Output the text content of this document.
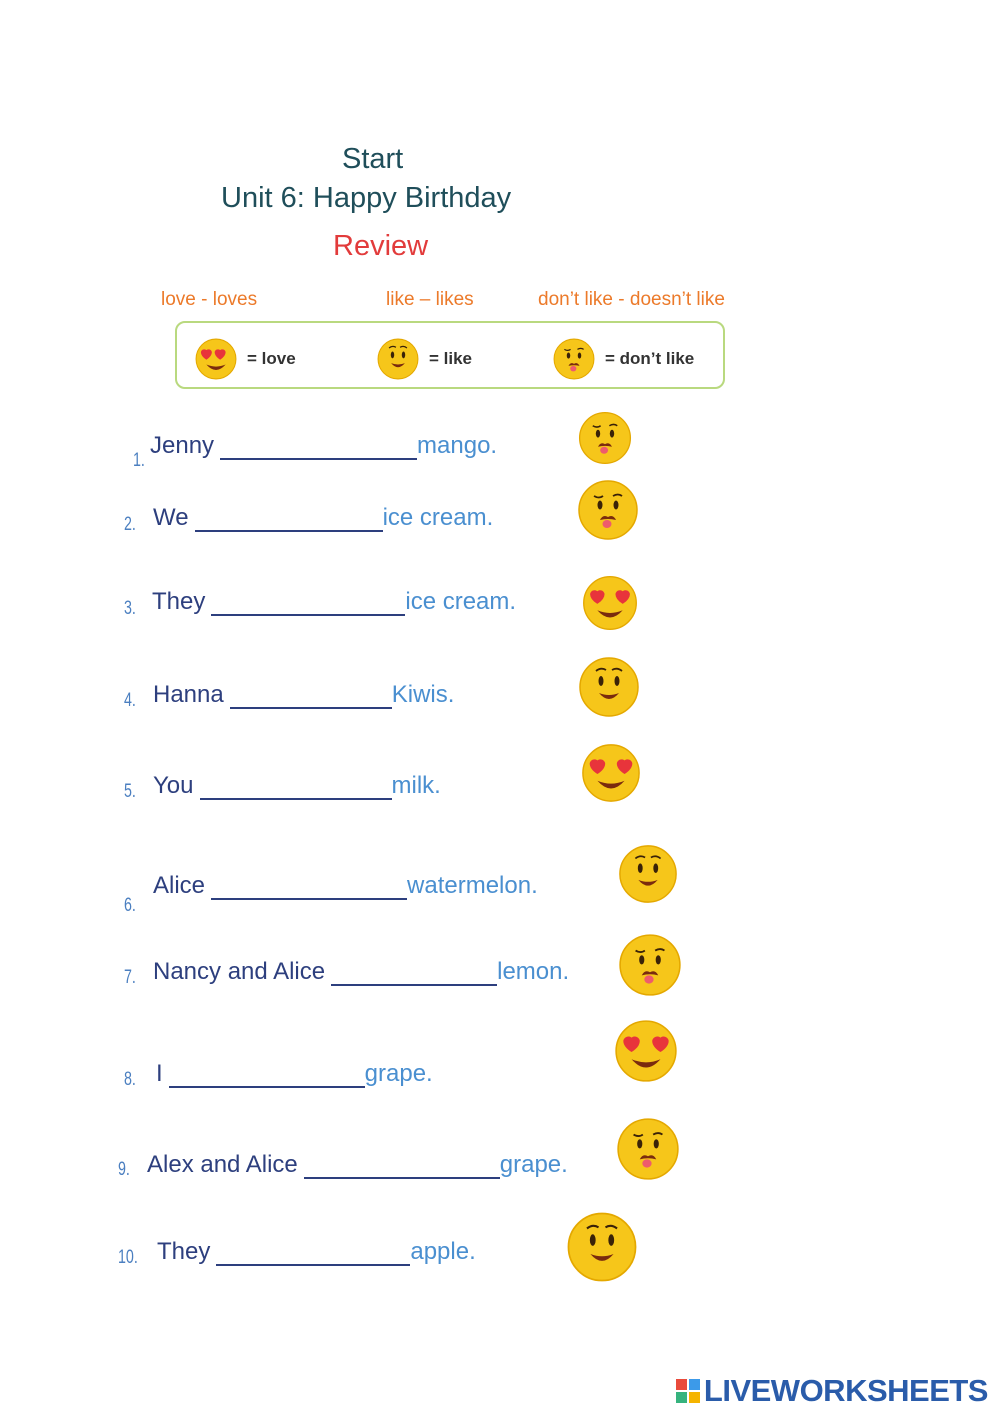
Start
Unit 6: Happy Birthday
Review
love - loves	like – likes	don’t like - doesn’t like
= love	= like	= don’t like
1.
Jenny	mango.
2. We	ice cream.
3. They	ice cream.
4. Hanna	Kiwis.
5. You	milk.
6.
Alice	watermelon.
7. Nancy and Alice	lemon.
8. I	grape.
9. Alex and Alice	grape.
10. They	apple.
LIVEWORKSHEETS
